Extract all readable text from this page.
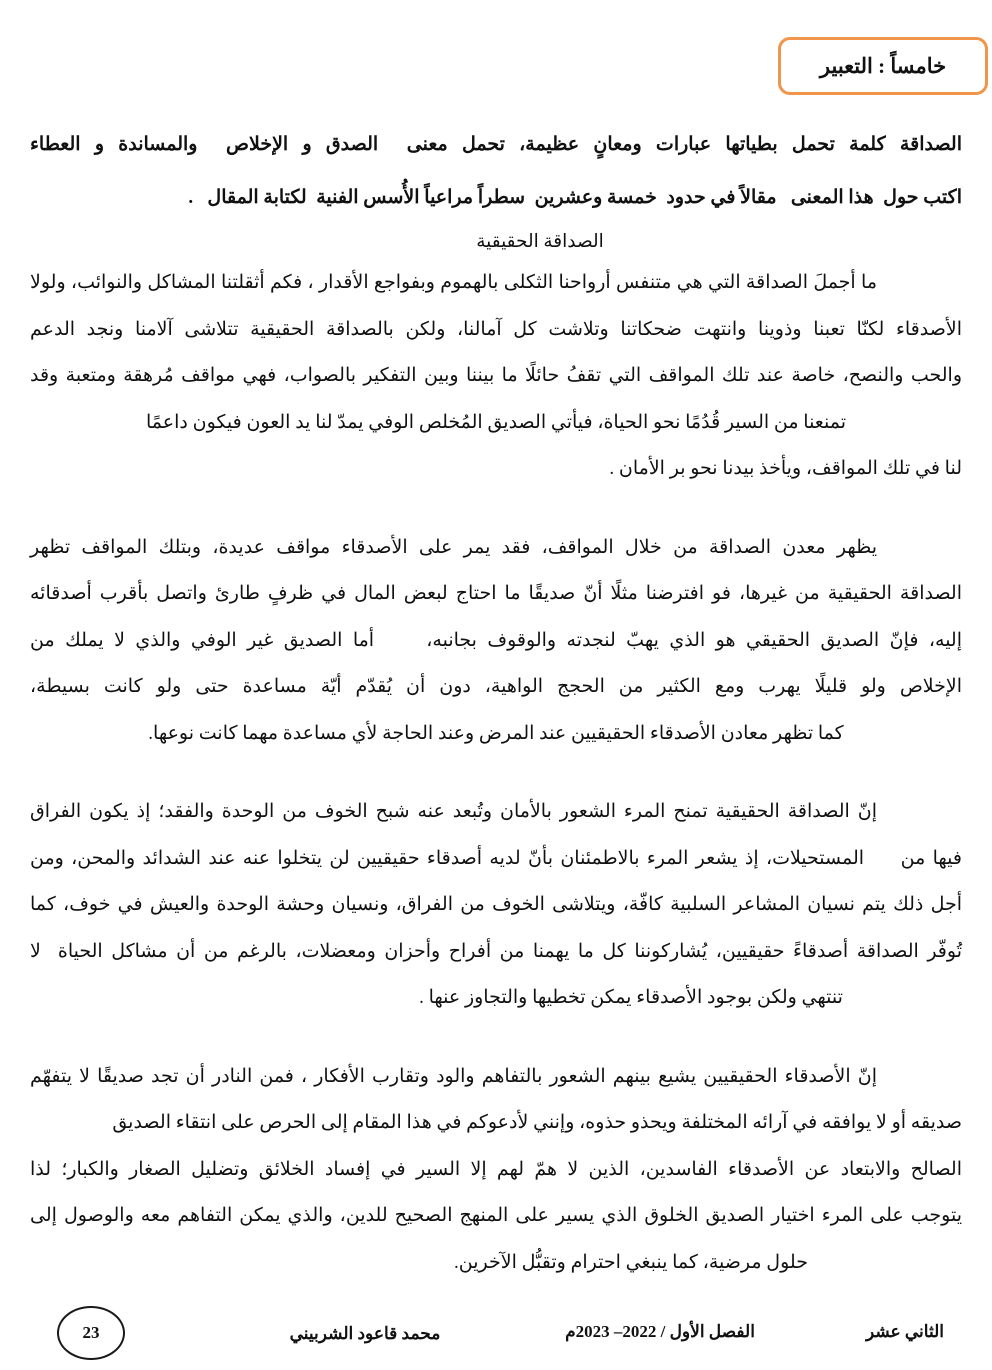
خامساً : التعبير
الصداقة كلمة تحمل بطياتها عبارات ومعانٍ عظيمة، تحمل معنى  الصدق و الإخلاص  والمساندة و العطاء
اكتب حول  هذا المعنى   مقالاً في حدود  خمسة وعشرين  سطراً مراعياً الأُسس الفنية  لكتابة المقال   .
الصداقة الحقيقية
ما أجملَ الصداقة التي هي متنفس أرواحنا الثكلى بالهموم وبفواجع الأقدار ، فكم أثقلتنا المشاكل والنوائب، ولولا
الأصدقاء لكنّا تعبنا وذوينا وانتهت ضحكاتنا وتلاشت كل آمالنا، ولكن بالصداقة الحقيقية تتلاشى آلامنا ونجد الدعم
والحب والنصح، خاصة عند تلك المواقف التي تقفُ حائلًا ما بيننا وبين التفكير بالصواب، فهي مواقف مُرهقة ومتعبة وقد
تمنعنا من السير قُدُمًا نحو الحياة، فيأتي الصديق المُخلص الوفي يمدّ لنا يد العون فيكون داعمًا
لنا في تلك المواقف، ويأخذ بيدنا نحو بر الأمان .
يظهر معدن الصداقة من خلال المواقف، فقد يمر على الأصدقاء مواقف عديدة، وبتلك المواقف تظهر
الصداقة الحقيقية من غيرها، فو افترضنا مثلًا أنّ صديقًا ما احتاج لبعض المال في ظرفٍ طارئ واتصل بأقرب أصدقائه
إليه، فإنّ الصديق الحقيقي هو الذي يهبّ لنجدته والوقوف بجانبه،     أما الصديق غير الوفي والذي لا يملك من
الإخلاص ولو قليلًا يهرب ومع الكثير من الحجج الواهية، دون أن يُقدّم أيّة مساعدة حتى ولو كانت بسيطة،
كما تظهر معادن الأصدقاء الحقيقيين عند المرض وعند الحاجة لأي مساعدة مهما كانت نوعها.
إنّ الصداقة الحقيقية تمنح المرء الشعور بالأمان وتُبعد عنه شبح الخوف من الوحدة والفقد؛ إذ يكون الفراق
فيها من     المستحيلات، إذ يشعر المرء بالاطمئنان بأنّ لديه أصدقاء حقيقيين لن يتخلوا عنه عند الشدائد والمحن، ومن
أجل ذلك يتم نسيان المشاعر السلبية كافّة، ويتلاشى الخوف من الفراق، ونسيان وحشة الوحدة والعيش في خوف، كما
تُوفّر الصداقة أصدقاءً حقيقيين، يُشاركوننا كل ما يهمنا من أفراح وأحزان ومعضلات، بالرغم من أن مشاكل الحياة  لا
تنتهي ولكن بوجود الأصدقاء يمكن تخطيها والتجاوز عنها .
إنّ الأصدقاء الحقيقيين يشيع بينهم الشعور بالتفاهم والود وتقارب الأفكار ، فمن النادر أن تجد صديقًا لا يتفهّم
صديقه أو لا يوافقه في آرائه المختلفة ويحذو حذوه، وإنني لأدعوكم في هذا المقام إلى الحرص على انتقاء الصديق
الصالح والابتعاد عن الأصدقاء الفاسدين، الذين لا همّ لهم إلا السير في إفساد الخلائق وتضليل الصغار والكبار؛ لذا
يتوجب على المرء اختيار الصديق الخلوق الذي يسير على المنهج الصحيح للدين، والذي يمكن التفاهم معه والوصول إلى
حلول مرضية، كما ينبغي احترام وتقبُّل الآخرين.
23	محمد قاعود الشربيني	الفصل الأول / 2022– 2023م	الثاني عشر
